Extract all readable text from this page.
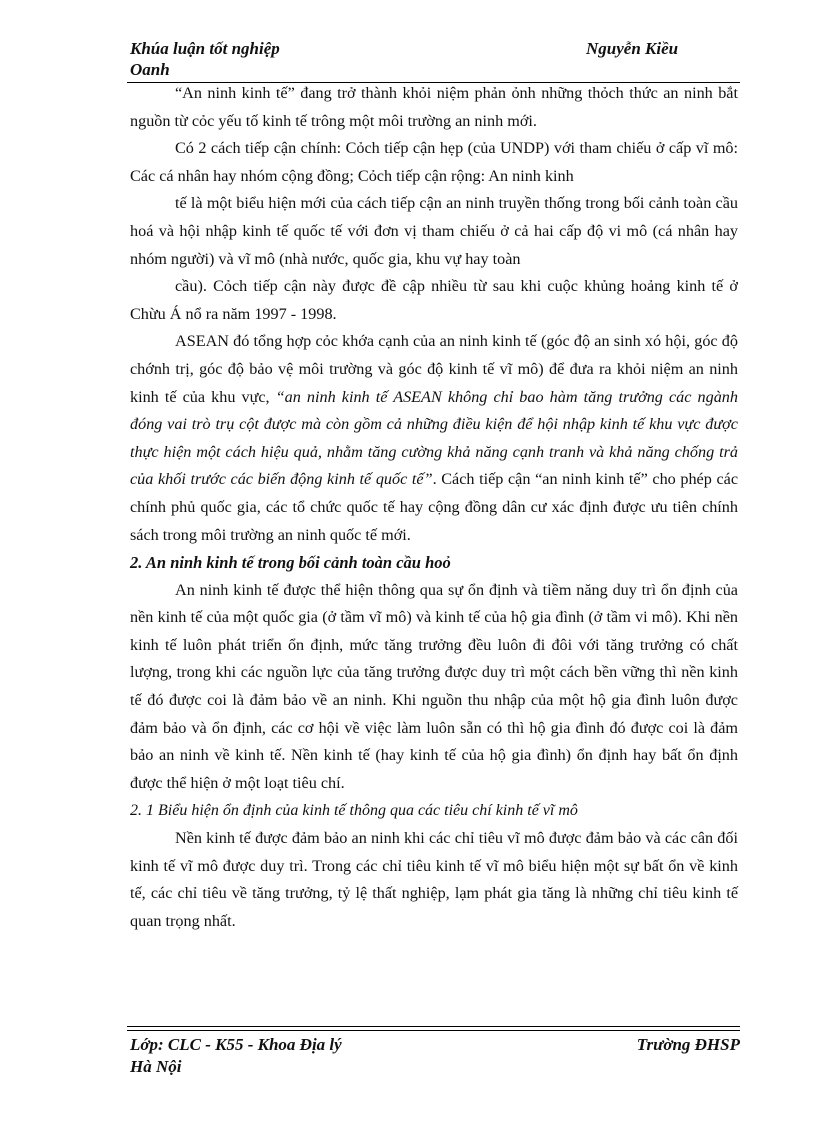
Khúa luận tốt nghiệp
Oanh
Nguyễn Kiều

“An ninh kinh tế” đang trở thành khỏi niệm phản ỏnh những thỏch thức an ninh bắt nguồn từ cỏc yếu tố kinh tế trông một môi trường an ninh mới.

Có 2 cách tiếp cận chính: Cỏch tiếp cận hẹp (của UNDP) với tham chiếu ở cấp vĩ mô: Các cá nhân hay nhóm cộng đồng; Cỏch tiếp cận rộng: An ninh kinh

tế là một biểu hiện mới của cách tiếp cận an ninh truyền thống trong bối cảnh toàn cầu hoá và hội nhập kinh tế quốc tế với đơn vị tham chiếu ở cả hai cấp độ vi mô (cá nhân hay nhóm người) và vĩ mô (nhà nước, quốc gia, khu vự hay toàn

cầu). Cỏch tiếp cận này được đề cập nhiều từ sau khi cuộc khủng hoảng kinh tế ở Chừu Á nổ ra năm 1997 - 1998.

ASEAN đó tổng hợp cỏc khớa cạnh của an ninh kinh tế (góc độ an sinh xó hội, góc độ chớnh trị, góc độ bảo vệ môi trường và góc độ kinh tế vĩ mô) để đưa ra khỏi niệm an ninh kinh tế của khu vực, “an ninh kinh tế ASEAN không chỉ bao hàm tăng trưởng các ngành đóng vai trò trụ cột được mà còn gồm cả những điều kiện để hội nhập kinh tế khu vực được thực hiện một cách hiệu quả, nhằm tăng cường khả năng cạnh tranh và khả năng chống trả của khối trước các biến động kinh tế quốc tế”. Cách tiếp cận “an ninh kinh tế” cho phép các chính phủ quốc gia, các tổ chức quốc tế hay cộng đồng dân cư xác định được ưu tiên chính sách trong môi trường an ninh quốc tế mới.

2. An ninh kinh tế trong bối cảnh toàn cầu hoỏ

An ninh kinh tế được thể hiện thông qua sự ổn định và tiềm năng duy trì ổn định của nền kinh tế của một quốc gia (ở tầm vĩ mô) và kinh tế của hộ gia đình (ở tầm vi mô). Khi nền kinh tế luôn phát triển ổn định, mức tăng trưởng đều luôn đi đôi với tăng trưởng có chất lượng, trong khi các nguồn lực của tăng trưởng được duy trì một cách bền vững thì nền kinh tế đó được coi là đảm bảo về an ninh. Khi nguồn thu nhập của một hộ gia đình luôn được đảm bảo và ổn định, các cơ hội về việc làm luôn sẵn có thì hộ gia đình đó được coi là đảm bảo an ninh về kinh tế. Nền kinh tế (hay kinh tế của hộ gia đình) ổn định hay bất ổn định được thể hiện ở một loạt tiêu chí.

2. 1 Biểu hiện ổn định của kinh tế thông qua các tiêu chí kinh tế vĩ mô

Nền kinh tế được đảm bảo an ninh khi các chỉ tiêu vĩ mô được đảm bảo và các cân đối kinh tế vĩ mô được duy trì. Trong các chỉ tiêu kinh tế vĩ mô biểu hiện một sự bất ổn về kinh tế, các chỉ tiêu về tăng trưởng, tỷ lệ thất nghiệp, lạm phát gia tăng là những chỉ tiêu kinh tế quan trọng nhất.

Lớp: CLC - K55 - Khoa Địa lý
Hà Nội
Trường ĐHSP
